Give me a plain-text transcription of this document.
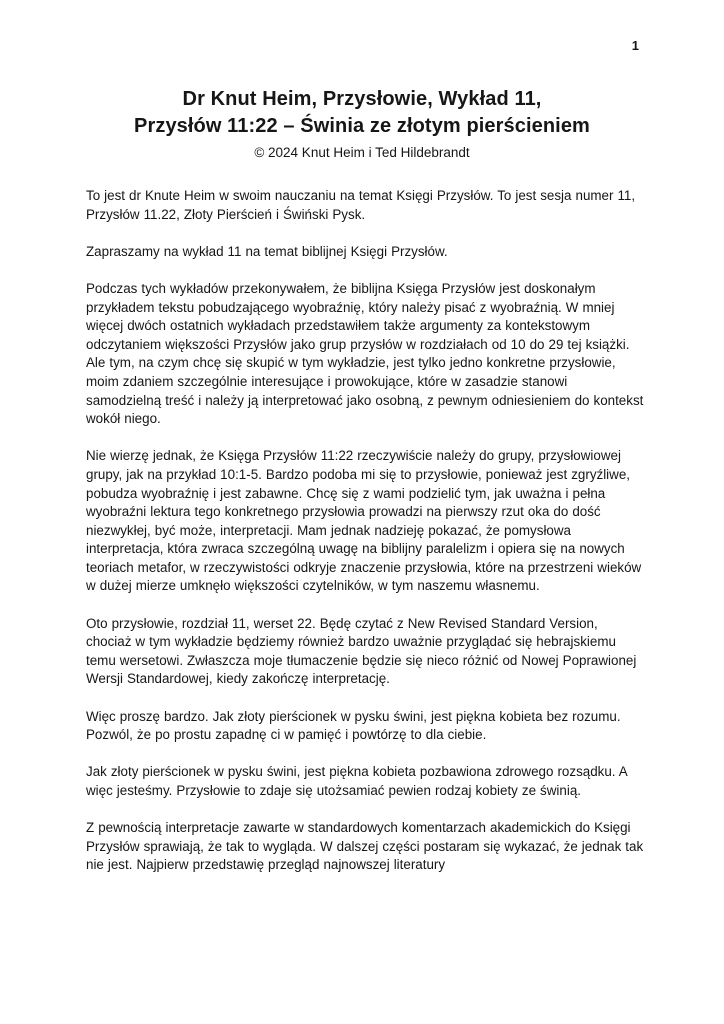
1
Dr Knut Heim, Przysłowie, Wykład 11,
Przysłów 11:22 – Świnia ze złotym pierścieniem
© 2024 Knut Heim i Ted Hildebrandt

To jest dr Knute Heim w swoim nauczaniu na temat Księgi Przysłów. To jest sesja numer 11, Przysłów 11.22, Złoty Pierścień i Świński Pysk.

Zapraszamy na wykład 11 na temat biblijnej Księgi Przysłów.

Podczas tych wykładów przekonywałem, że biblijna Księga Przysłów jest doskonałym przykładem tekstu pobudzającego wyobraźnię, który należy pisać z wyobraźnią. W mniej więcej dwóch ostatnich wykładach przedstawiłem także argumenty za kontekstowym odczytaniem większości Przysłów jako grup przysłów w rozdziałach od 10 do 29 tej książki. Ale tym, na czym chcę się skupić w tym wykładzie, jest tylko jedno konkretne przysłowie, moim zdaniem szczególnie interesujące i prowokujące, które w zasadzie stanowi samodzielną treść i należy ją interpretować jako osobną, z pewnym odniesieniem do kontekst wokół niego.

Nie wierzę jednak, że Księga Przysłów 11:22 rzeczywiście należy do grupy, przysłowiowej grupy, jak na przykład 10:1-5. Bardzo podoba mi się to przysłowie, ponieważ jest zgryźliwe, pobudza wyobraźnię i jest zabawne. Chcę się z wami podzielić tym, jak uważna i pełna wyobraźni lektura tego konkretnego przysłowia prowadzi na pierwszy rzut oka do dość niezwykłej, być może, interpretacji. Mam jednak nadzieję pokazać, że pomysłowa interpretacja, która zwraca szczególną uwagę na biblijny paralelizm i opiera się na nowych teoriach metafor, w rzeczywistości odkryje znaczenie przysłowia, które na przestrzeni wieków w dużej mierze umknęło większości czytelników, w tym naszemu własnemu.

Oto przysłowie, rozdział 11, werset 22. Będę czytać z New Revised Standard Version, chociaż w tym wykładzie będziemy również bardzo uważnie przyglądać się hebrajskiemu temu wersetowi. Zwłaszcza moje tłumaczenie będzie się nieco różnić od Nowej Poprawionej Wersji Standardowej, kiedy zakończę interpretację.

Więc proszę bardzo. Jak złoty pierścionek w pysku świni, jest piękna kobieta bez rozumu. Pozwól, że po prostu zapadnę ci w pamięć i powtórzę to dla ciebie.

Jak złoty pierścionek w pysku świni, jest piękna kobieta pozbawiona zdrowego rozsądku. A więc jesteśmy. Przysłowie to zdaje się utożsamiać pewien rodzaj kobiety ze świnią.

Z pewnością interpretacje zawarte w standardowych komentarzach akademickich do Księgi Przysłów sprawiają, że tak to wygląda. W dalszej części postaram się wykazać, że jednak tak nie jest. Najpierw przedstawię przegląd najnowszej literatury
